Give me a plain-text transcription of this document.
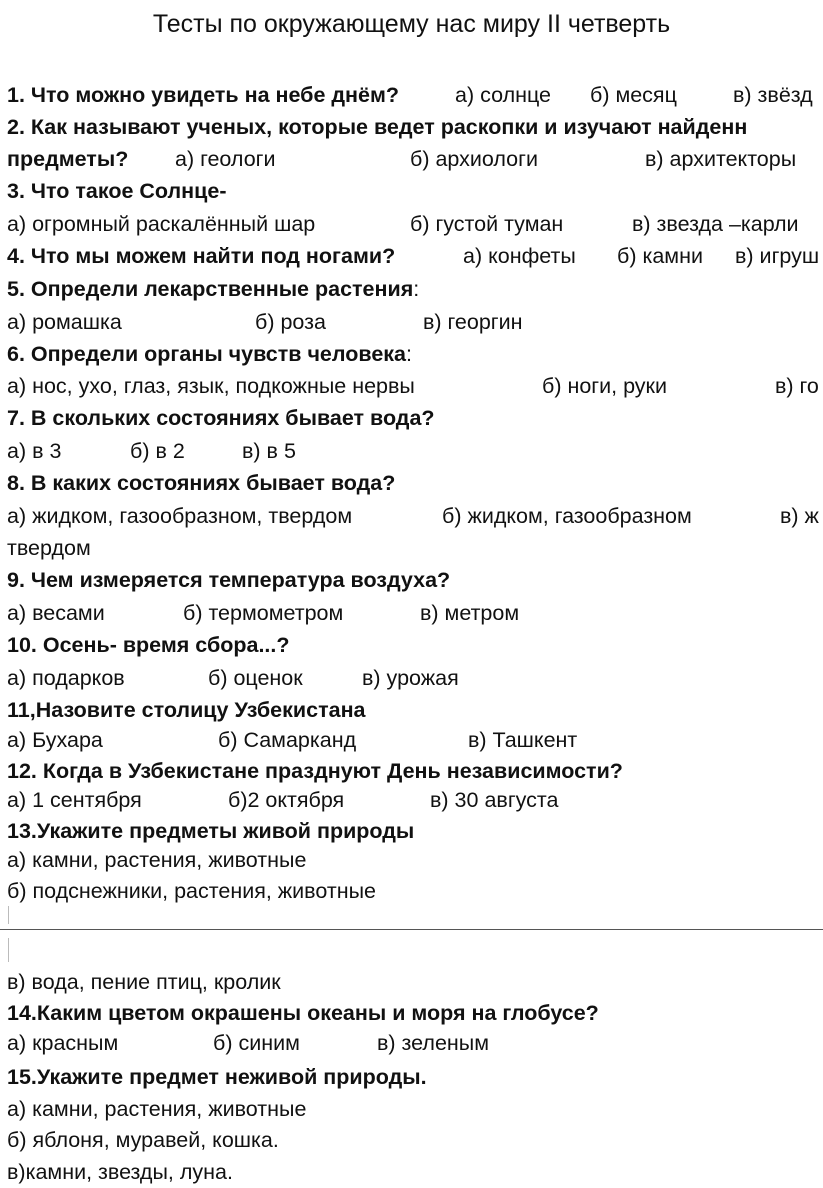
Тесты по окружающему нас миру II четверть
1. Что можно увидеть на небе днём?	а) солнце б) месяц	в) звёзд
2. Как называют ученых, которые ведет раскопки и изучают найденн
предметы? а) геологи	б) архиологи	в) архитекторы
3. Что такое Солнце-
а) огромный раскалённый шар	б) густой туман	в) звезда –карли
4. Что мы можем найти под ногами?	а) конфеты б) камни в) игруш
5. Определи лекарственные растения:
а) ромашка	б) роза	в) георгин
6. Определи органы чувств человека:
а) нос, ухо, глаз, язык, подкожные нервы	б) ноги, руки	в) го
7. В скольких состояниях бывает вода?
а) в 3	б) в 2	в) в 5
8. В каких состояниях бывает вода?
а) жидком, газообразном, твердом	б) жидком, газообразном	в) ж
твердом
9. Чем измеряется температура воздуха?
а) весами	б) термометром	в) метром
10. Осень- время сбора...?
а) подарков	б) оценок	в) урожая
11,Назовите столицу Узбекистана
а) Бухара	б) Самарканд	в) Ташкент
12. Когда в Узбекистане празднуют День независимости?
а) 1 сентября	б)2 октября	в) 30 августа
13.Укажите предметы живой природы
а) камни, растения, животные
б) подснежники, растения, животные
в) вода, пение птиц, кролик
14.Каким цветом окрашены океаны и моря на глобусе?
а) красным	б) синим	в) зеленым
15.Укажите предмет неживой природы.
а) камни, растения, животные
б) яблоня, муравей, кошка.
в)камни, звезды, луна.
